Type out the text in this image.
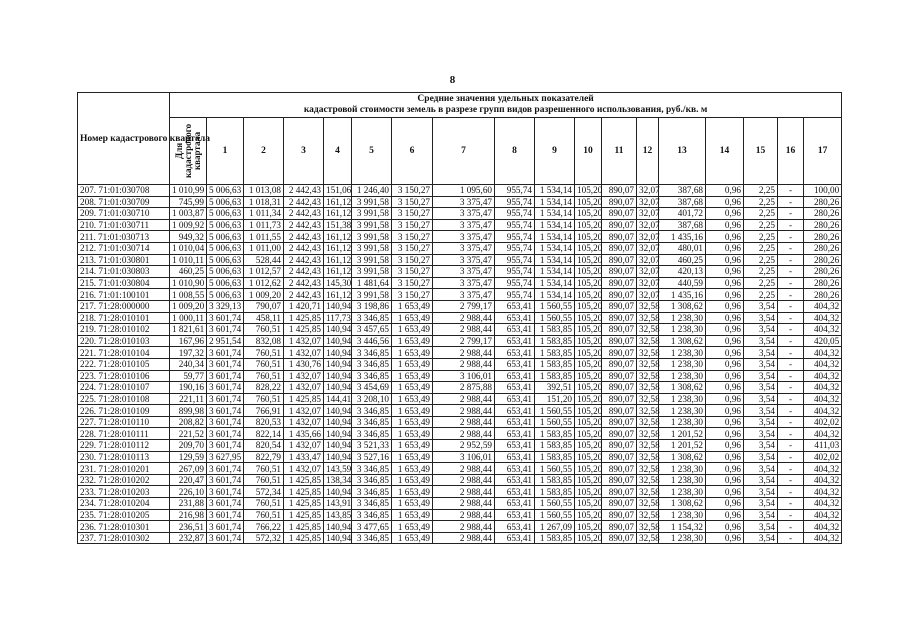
8
Номер кадастрового квартала	Средние значения удельных показателей
кадастровой стоимости земель в разрезе групп видов разрешенного использования, руб./кв. м																	

	Для кадастрового квартала	1	2	3	4	5	6	7	8	9	10	11	12	13	14	15	16	17
207. 71:01:030708	1 010,99	5 006,63	1 013,08	2 442,43	151,06	1 246,40	3 150,27	1 095,60	955,74	1 534,14	105,20	890,07	32,07	387,68	0,96	2,25	-	100,00
208. 71:01:030709	745,99	5 006,63	1 018,31	2 442,43	161,12	3 991,58	3 150,27	3 375,47	955,74	1 534,14	105,20	890,07	32,07	387,68	0,96	2,25	-	280,26
209. 71:01:030710	1 003,87	5 006,63	1 011,34	2 442,43	161,12	3 991,58	3 150,27	3 375,47	955,74	1 534,14	105,20	890,07	32,07	401,72	0,96	2,25	-	280,26
210. 71:01:030711	1 009,92	5 006,63	1 011,73	2 442,43	151,38	3 991,58	3 150,27	3 375,47	955,74	1 534,14	105,20	890,07	32,07	387,68	0,96	2,25	-	280,26
211. 71:01:030713	949,32	5 006,63	1 011,55	2 442,43	161,12	3 991,58	3 150,27	3 375,47	955,74	1 534,14	105,20	890,07	32,07	1 435,16	0,96	2,25	-	280,26
212. 71:01:030714	1 010,04	5 006,63	1 011,00	2 442,43	161,12	3 991,58	3 150,27	3 375,47	955,74	1 534,14	105,20	890,07	32,07	480,01	0,96	2,25	-	280,26
213. 71:01:030801	1 010,11	5 006,63	528,44	2 442,43	161,12	3 991,58	3 150,27	3 375,47	955,74	1 534,14	105,20	890,07	32,07	460,25	0,96	2,25	-	280,26
214. 71:01:030803	460,25	5 006,63	1 012,57	2 442,43	161,12	3 991,58	3 150,27	3 375,47	955,74	1 534,14	105,20	890,07	32,07	420,13	0,96	2,25	-	280,26
215. 71:01:030804	1 010,90	5 006,63	1 012,62	2 442,43	145,30	1 481,64	3 150,27	3 375,47	955,74	1 534,14	105,20	890,07	32,07	440,59	0,96	2,25	-	280,26
216. 71:01:100101	1 008,55	5 006,63	1 009,20	2 442,43	161,12	3 991,58	3 150,27	3 375,47	955,74	1 534,14	105,20	890,07	32,07	1 435,16	0,96	2,25	-	280,26
217. 71:28:000000	1 009,20	3 329,13	790,07	1 420,71	140,94	3 198,86	1 653,49	2 799,17	653,41	1 560,55	105,20	890,07	32,58	1 308,62	0,96	3,54	-	404,32
218. 71:28:010101	1 000,11	3 601,74	458,11	1 425,85	117,73	3 346,85	1 653,49	2 988,44	653,41	1 560,55	105,20	890,07	32,58	1 238,30	0,96	3,54	-	404,32
219. 71:28:010102	1 821,61	3 601,74	760,51	1 425,85	140,94	3 457,65	1 653,49	2 988,44	653,41	1 583,85	105,20	890,07	32,58	1 238,30	0,96	3,54	-	404,32
220. 71:28:010103	167,96	2 951,54	832,08	1 432,07	140,94	3 446,56	1 653,49	2 799,17	653,41	1 583,85	105,20	890,07	32,58	1 308,62	0,96	3,54	-	420,05
221. 71:28:010104	197,32	3 601,74	760,51	1 432,07	140,94	3 346,85	1 653,49	2 988,44	653,41	1 583,85	105,20	890,07	32,58	1 238,30	0,96	3,54	-	404,32
222. 71:28:010105	240,34	3 601,74	760,51	1 430,76	140,94	3 346,85	1 653,49	2 988,44	653,41	1 583,85	105,20	890,07	32,58	1 238,30	0,96	3,54	-	404,32
223. 71:28:010106	59,77	3 601,74	760,51	1 432,07	140,94	3 346,85	1 653,49	3 106,01	653,41	1 583,85	105,20	890,07	32,58	1 238,30	0,96	3,54	-	404,32
224. 71:28:010107	190,16	3 601,74	828,22	1 432,07	140,94	3 454,69	1 653,49	2 875,88	653,41	392,51	105,20	890,07	32,58	1 308,62	0,96	3,54	-	404,32
225. 71:28:010108	221,11	3 601,74	760,51	1 425,85	144,41	3 208,10	1 653,49	2 988,44	653,41	151,20	105,20	890,07	32,58	1 238,30	0,96	3,54	-	404,32
226. 71:28:010109	899,98	3 601,74	766,91	1 432,07	140,94	3 346,85	1 653,49	2 988,44	653,41	1 560,55	105,20	890,07	32,58	1 238,30	0,96	3,54	-	404,32
227. 71:28:010110	208,82	3 601,74	820,53	1 432,07	140,94	3 346,85	1 653,49	2 988,44	653,41	1 560,55	105,20	890,07	32,58	1 238,30	0,96	3,54	-	402,02
228. 71:28:010111	221,52	3 601,74	822,14	1 435,66	140,94	3 346,85	1 653,49	2 988,44	653,41	1 583,85	105,20	890,07	32,58	1 201,52	0,96	3,54	-	404,32
229. 71:28:010112	209,70	3 601,74	820,54	1 432,07	140,94	3 521,33	1 653,49	2 952,59	653,41	1 583,85	105,20	890,07	32,58	1 201,52	0,96	3,54	-	411,03
230. 71:28:010113	129,59	3 627,95	822,79	1 433,47	140,94	3 527,16	1 653,49	3 106,01	653,41	1 583,85	105,20	890,07	32,58	1 308,62	0,96	3,54	-	402,02
231. 71:28:010201	267,09	3 601,74	760,51	1 432,07	143,59	3 346,85	1 653,49	2 988,44	653,41	1 560,55	105,20	890,07	32,58	1 238,30	0,96	3,54	-	404,32
232. 71:28:010202	220,47	3 601,74	760,51	1 425,85	138,34	3 346,85	1 653,49	2 988,44	653,41	1 583,85	105,20	890,07	32,58	1 238,30	0,96	3,54	-	404,32
233. 71:28:010203	226,10	3 601,74	572,34	1 425,85	140,94	3 346,85	1 653,49	2 988,44	653,41	1 583,85	105,20	890,07	32,58	1 238,30	0,96	3,54	-	404,32
234. 71:28:010204	231,88	3 601,74	760,51	1 425,85	143,91	3 346,85	1 653,49	2 988,44	653,41	1 560,55	105,20	890,07	32,58	1 308,62	0,96	3,54	-	404,32
235. 71:28:010205	216,98	3 601,74	760,51	1 425,85	143,85	3 346,85	1 653,49	2 988,44	653,41	1 560,55	105,20	890,07	32,58	1 238,30	0,96	3,54	-	404,32
236. 71:28:010301	236,51	3 601,74	766,22	1 425,85	140,94	3 477,65	1 653,49	2 988,44	653,41	1 267,09	105,20	890,07	32,58	1 154,32	0,96	3,54	-	404,32
237. 71:28:010302	232,87	3 601,74	572,32	1 425,85	140,94	3 346,85	1 653,49	2 988,44	653,41	1 583,85	105,20	890,07	32,58	1 238,30	0,96	3,54	-	404,32
